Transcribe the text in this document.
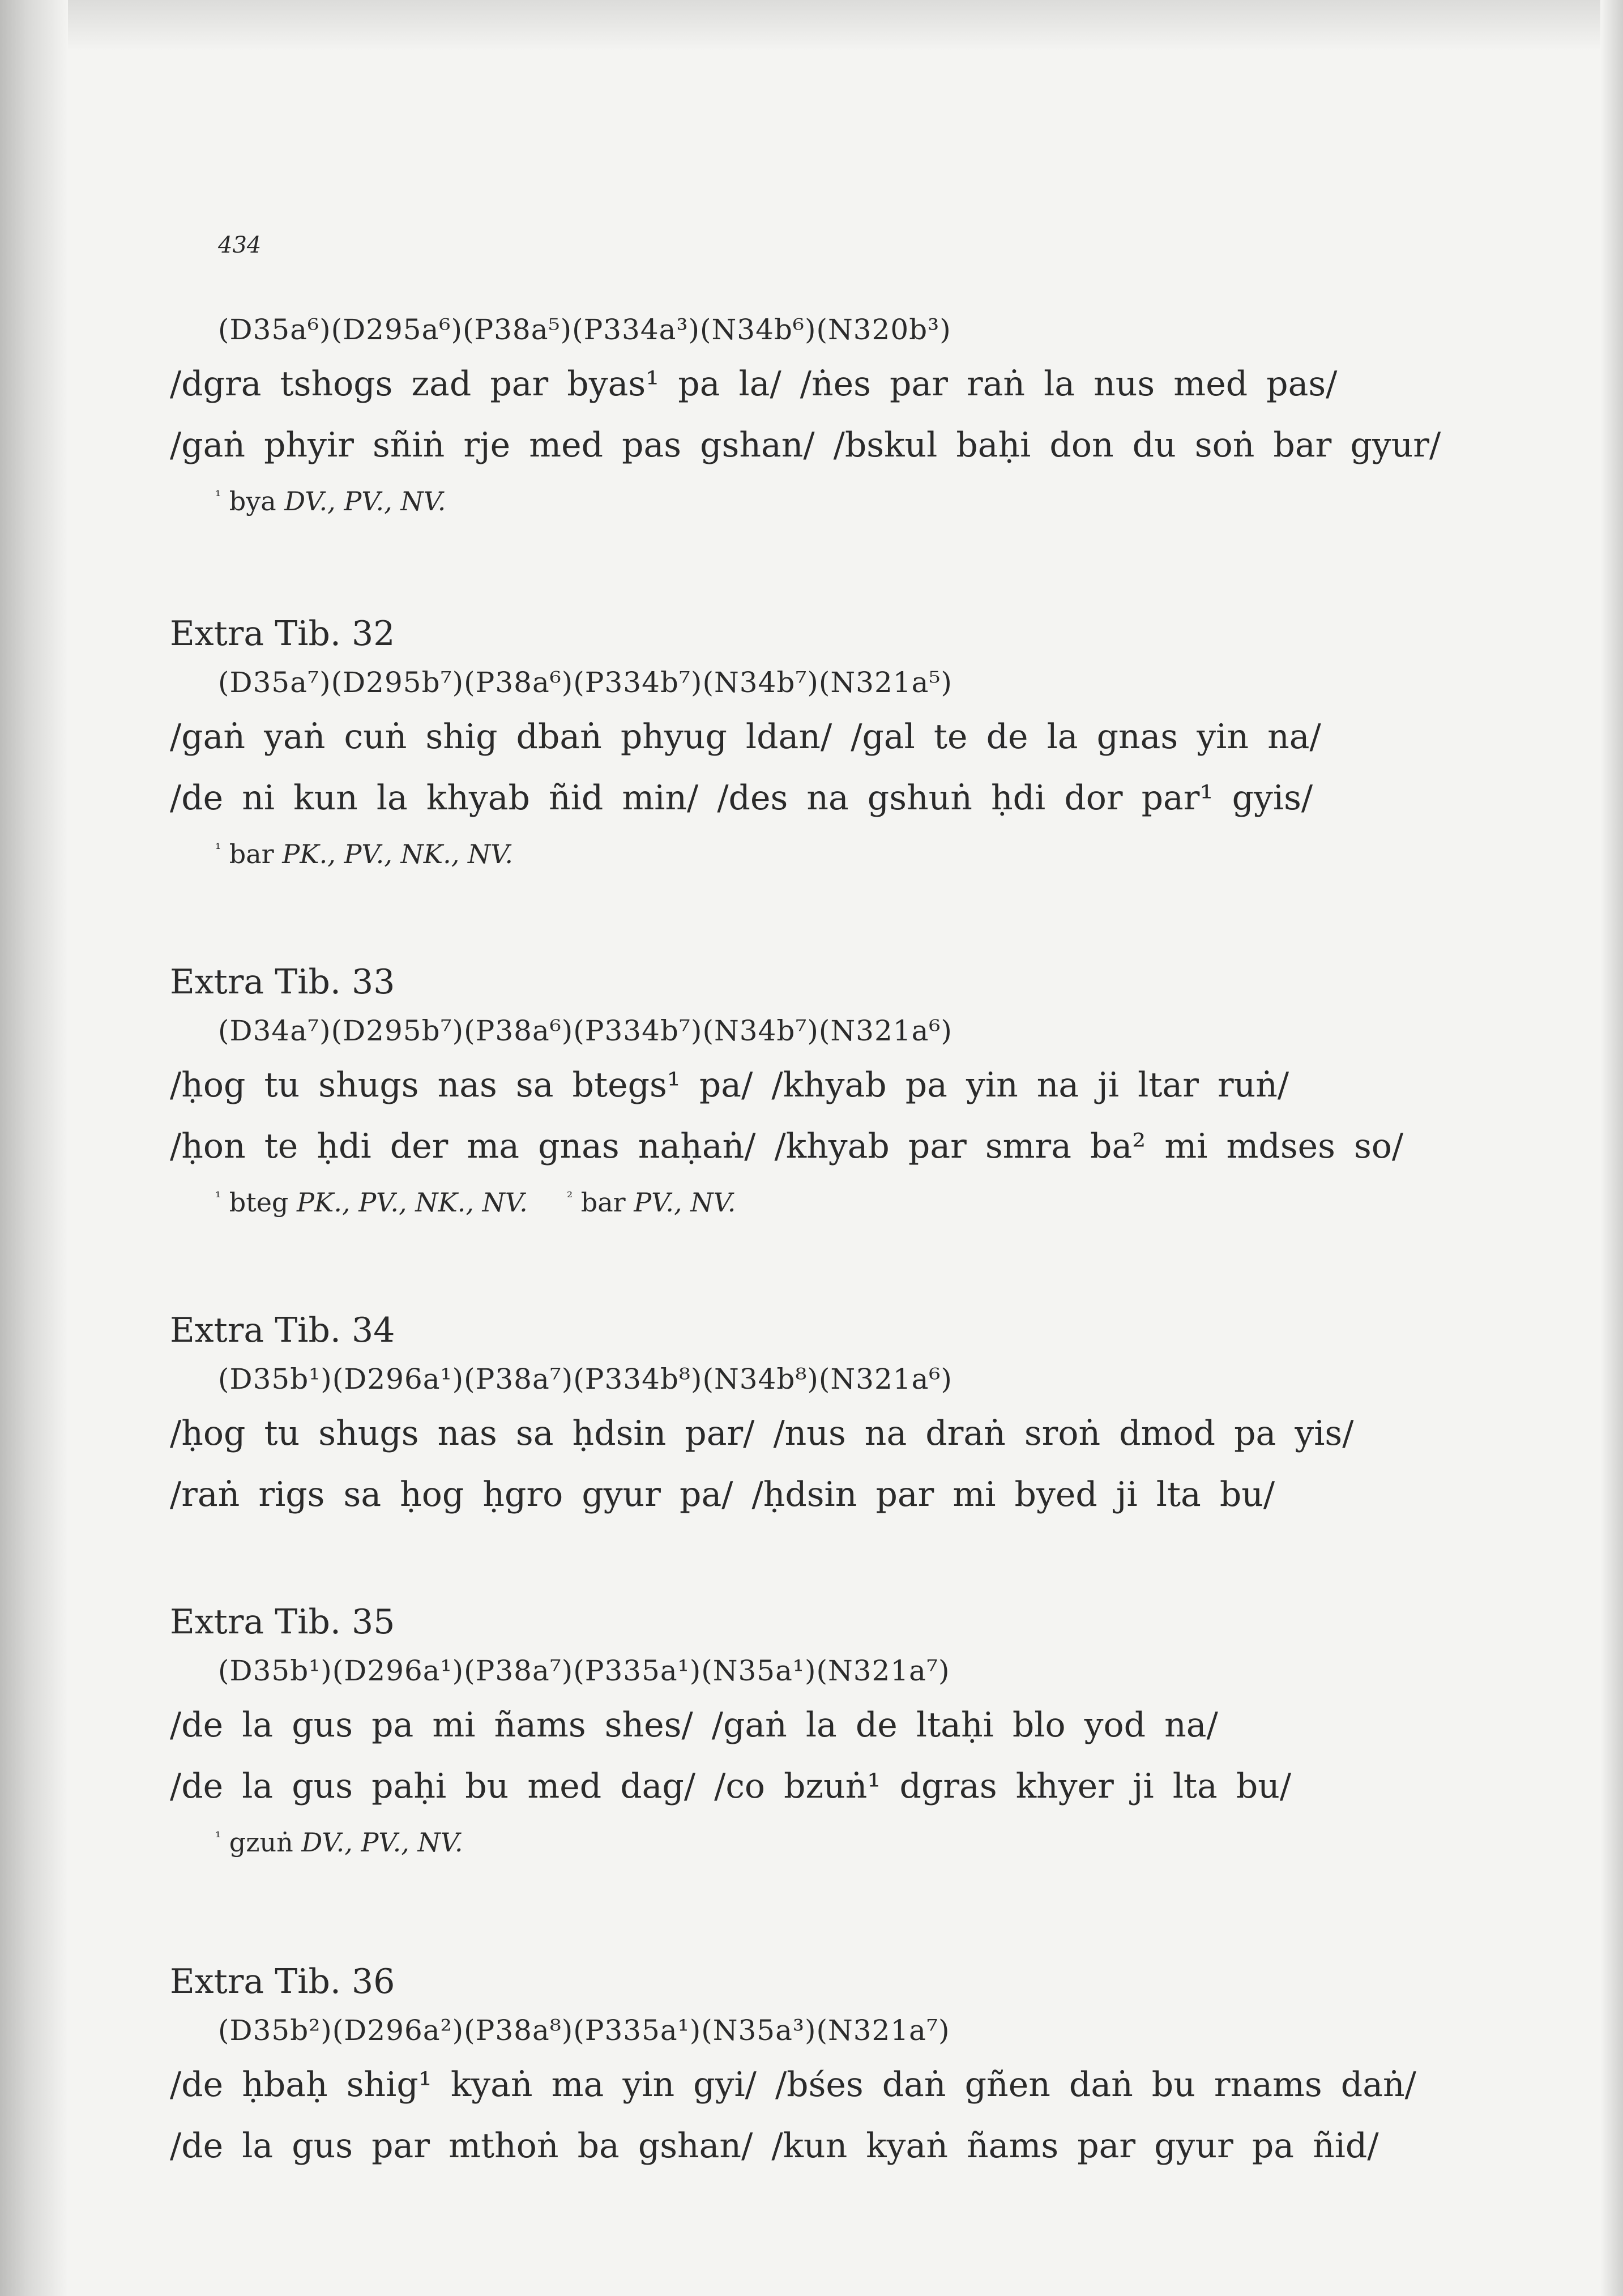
434
(D35a⁶)(D295a⁶)(P38a⁵)(P334a³)(N34b⁶)(N320b³)
/dgra tshogs zad par byas¹ pa la/ /ṅes par raṅ la nus med pas/
/gaṅ phyir sñiṅ rje med pas gshan/ /bskul baḥi don du soṅ bar gyur/
$^{^1}$ bya DV., PV., NV.
Extra Tib. 32
(D35a⁷)(D295b⁷)(P38a⁶)(P334b⁷)(N34b⁷)(N321a⁵)
/gaṅ yaṅ cuṅ shig dbaṅ phyug ldan/ /gal te de la gnas yin na/
/de ni kun la khyab ñid min/ /des na gshuṅ ḥdi dor par¹ gyis/
$^{^1}$ bar PK., PV., NK., NV.
Extra Tib. 33
(D34a⁷)(D295b⁷)(P38a⁶)(P334b⁷)(N34b⁷)(N321a⁶)
/ḥog tu shugs nas sa btegs¹ pa/ /khyab pa yin na ji ltar ruṅ/
/ḥon te ḥdi der ma gnas naḥaṅ/ /khyab par smra ba² mi mdses so/
$^{^1}$ bteg PK., PV., NK., NV.	$^{^2}$ bar PV., NV.
Extra Tib. 34
(D35b¹)(D296a¹)(P38a⁷)(P334b⁸)(N34b⁸)(N321a⁶)
/ḥog tu shugs nas sa ḥdsin par/ /nus na draṅ sroṅ dmod pa yis/
/raṅ rigs sa ḥog ḥgro gyur pa/ /ḥdsin par mi byed ji lta bu/
Extra Tib. 35
(D35b¹)(D296a¹)(P38a⁷)(P335a¹)(N35a¹)(N321a⁷)
/de la gus pa mi ñams shes/ /gaṅ la de ltaḥi blo yod na/
/de la gus paḥi bu med dag/ /co bzuṅ¹ dgras khyer ji lta bu/
$^{^1}$ gzuṅ DV., PV., NV.
Extra Tib. 36
(D35b²)(D296a²)(P38a⁸)(P335a¹)(N35a³)(N321a⁷)
/de ḥbaḥ shig¹ kyaṅ ma yin gyi/ /bśes daṅ gñen daṅ bu rnams daṅ/
/de la gus par mthoṅ ba gshan/ /kun kyaṅ ñams par gyur pa ñid/
